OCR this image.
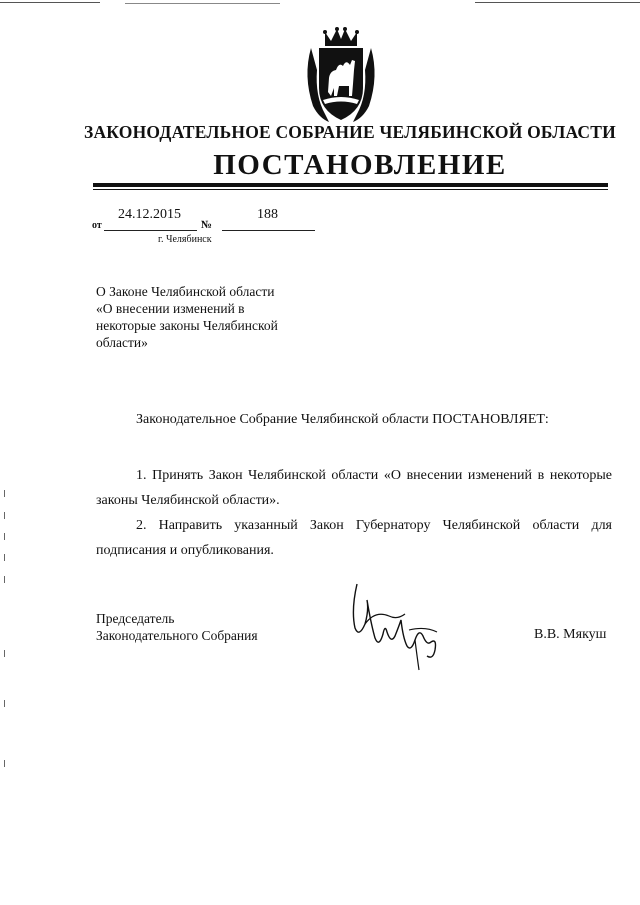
ЗАКОНОДАТЕЛЬНОЕ СОБРАНИЕ ЧЕЛЯБИНСКОЙ ОБЛАСТИ
ПОСТАНОВЛЕНИЕ
24.12.2015	188
от	№
г. Челябинск
О Законе Челябинской области «О внесении изменений в некоторые законы Челябинской области»
Законодательное Собрание Челябинской области ПОСТАНОВЛЯЕТ:
1. Принять Закон Челябинской области «О внесении изменений в некоторые законы Челябинской области».
2. Направить указанный Закон Губернатору Челябинской области для подписания и опубликования.
Председатель
Законодательного Собрания	В.В. Мякуш
